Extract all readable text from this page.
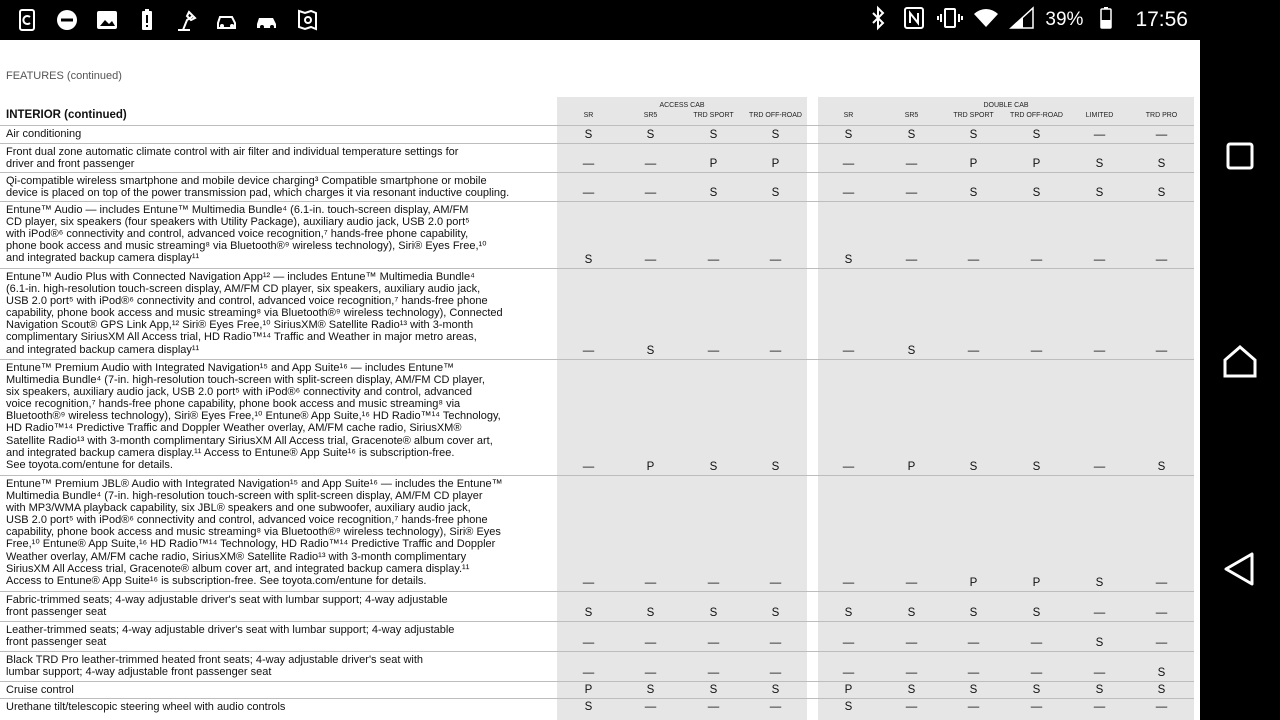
39% 17:56
FEATURES (continued)
ACCESS CAB	DOUBLE CAB
INTERIOR (continued)	SR	SR5	TRD SPORT	TRD OFF-ROAD	SR	SR5	TRD SPORT	TRD OFF-ROAD	LIMITED	TRD PRO
Air conditioning	S	S	S	S	S	S	S	S	—	—
Front dual zone automatic climate control with air filter and individual temperature settings for
driver and front passenger	—	—	P	P	—	—	P	P	S	S
Qi-compatible wireless smartphone and mobile device charging³ Compatible smartphone or mobile
device is placed on top of the power transmission pad, which charges it via resonant inductive coupling.	—	—	S	S	—	—	S	S	S	S
Entune™ Audio — includes Entune™ Multimedia Bundle⁴ (6.1-in. touch-screen display, AM/FM
CD player, six speakers (four speakers with Utility Package), auxiliary audio jack, USB 2.0 port⁵
with iPod®⁶ connectivity and control, advanced voice recognition,⁷ hands-free phone capability,
phone book access and music streaming⁸ via Bluetooth®⁹ wireless technology), Siri® Eyes Free,¹⁰
and integrated backup camera display¹¹	S	—	—	—	S	—	—	—	—	—
Entune™ Audio Plus with Connected Navigation App¹² — includes Entune™ Multimedia Bundle⁴
(6.1-in. high-resolution touch-screen display, AM/FM CD player, six speakers, auxiliary audio jack,
USB 2.0 port⁵ with iPod®⁶ connectivity and control, advanced voice recognition,⁷ hands-free phone
capability, phone book access and music streaming⁸ via Bluetooth®⁹ wireless technology), Connected
Navigation Scout® GPS Link App,¹² Siri® Eyes Free,¹⁰ SiriusXM® Satellite Radio¹³ with 3-month
complimentary SiriusXM All Access trial, HD Radio™¹⁴ Traffic and Weather in major metro areas,
and integrated backup camera display¹¹	—	S	—	—	—	S	—	—	—	—
Entune™ Premium Audio with Integrated Navigation¹⁵ and App Suite¹⁶ — includes Entune™
Multimedia Bundle⁴ (7-in. high-resolution touch-screen with split-screen display, AM/FM CD player,
six speakers, auxiliary audio jack, USB 2.0 port⁵ with iPod®⁶ connectivity and control, advanced
voice recognition,⁷ hands-free phone capability, phone book access and music streaming⁸ via
Bluetooth®⁹ wireless technology), Siri® Eyes Free,¹⁰ Entune® App Suite,¹⁶ HD Radio™¹⁴ Technology,
HD Radio™¹⁴ Predictive Traffic and Doppler Weather overlay, AM/FM cache radio, SiriusXM®
Satellite Radio¹³ with 3-month complimentary SiriusXM All Access trial, Gracenote® album cover art,
and integrated backup camera display.¹¹ Access to Entune® App Suite¹⁶ is subscription-free.
See toyota.com/entune for details.	—	P	S	S	—	P	S	S	—	S
Entune™ Premium JBL® Audio with Integrated Navigation¹⁵ and App Suite¹⁶ — includes the Entune™
Multimedia Bundle⁴ (7-in. high-resolution touch-screen with split-screen display, AM/FM CD player
with MP3/WMA playback capability, six JBL® speakers and one subwoofer, auxiliary audio jack,
USB 2.0 port⁵ with iPod®⁶ connectivity and control, advanced voice recognition,⁷ hands-free phone
capability, phone book access and music streaming⁸ via Bluetooth®⁹ wireless technology), Siri® Eyes
Free,¹⁰ Entune® App Suite,¹⁶ HD Radio™¹⁴ Technology, HD Radio™¹⁴ Predictive Traffic and Doppler
Weather overlay, AM/FM cache radio, SiriusXM® Satellite Radio¹³ with 3-month complimentary
SiriusXM All Access trial, Gracenote® album cover art, and integrated backup camera display.¹¹
Access to Entune® App Suite¹⁶ is subscription-free. See toyota.com/entune for details.	—	—	—	—	—	—	P	P	S	—
Fabric-trimmed seats; 4-way adjustable driver's seat with lumbar support; 4-way adjustable
front passenger seat	S	S	S	S	S	S	S	S	—	—
Leather-trimmed seats; 4-way adjustable driver's seat with lumbar support; 4-way adjustable
front passenger seat	—	—	—	—	—	—	—	—	S	—
Black TRD Pro leather-trimmed heated front seats; 4-way adjustable driver's seat with
lumbar support; 4-way adjustable front passenger seat	—	—	—	—	—	—	—	—	—	S
Cruise control	P	S	S	S	P	S	S	S	S	S
Urethane tilt/telescopic steering wheel with audio controls	S	—	—	—	S	—	—	—	—	—
